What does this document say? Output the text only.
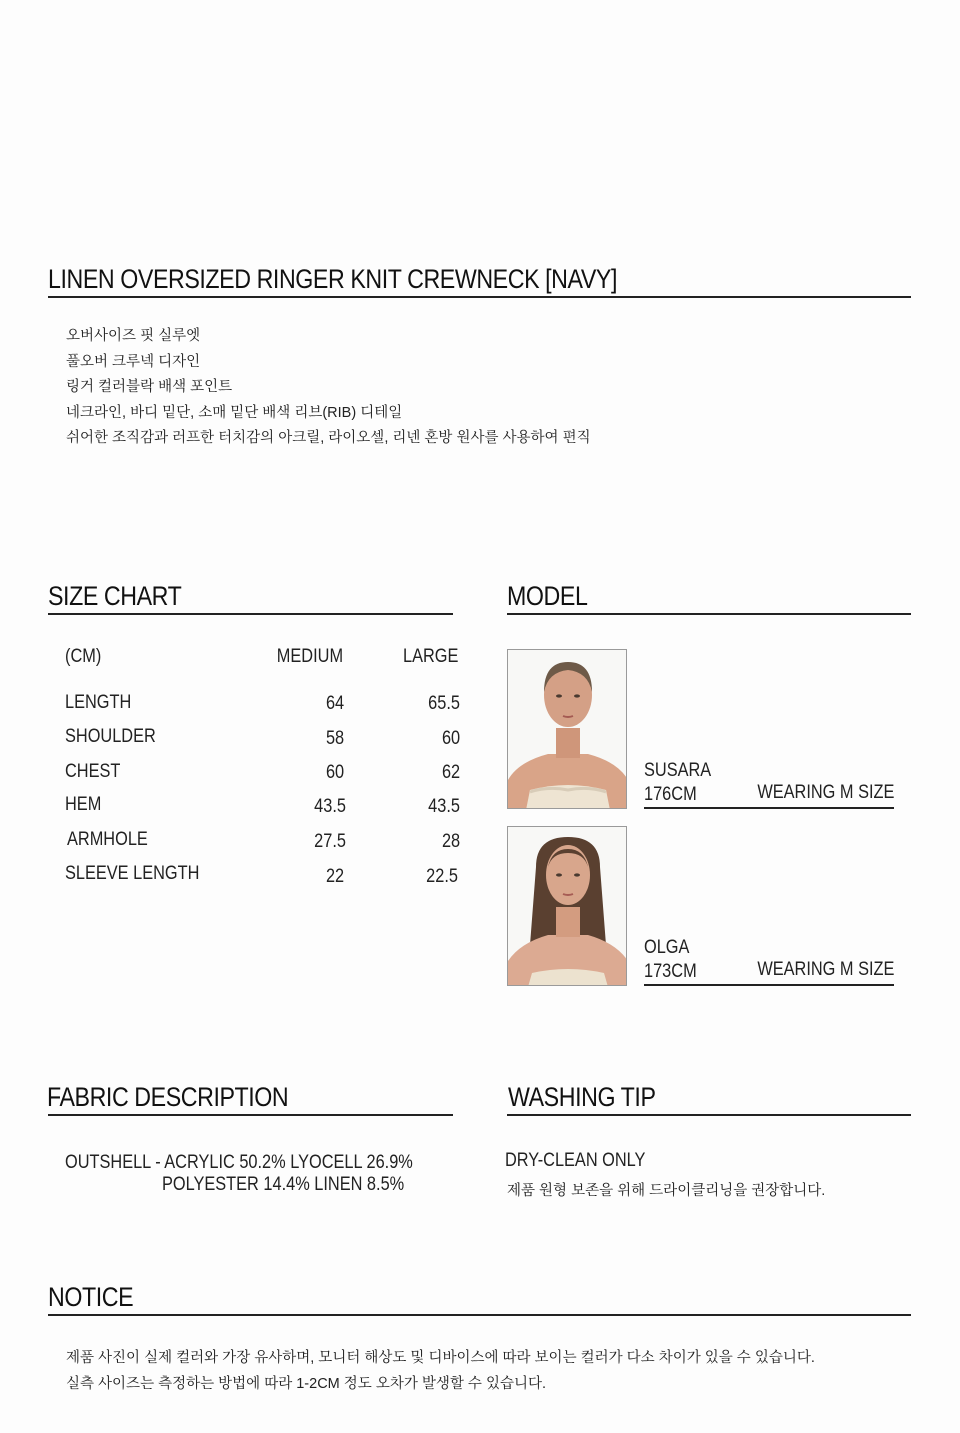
LINEN OVERSIZED RINGER KNIT CREWNECK [NAVY]
오버사이즈 핏 실루엣
풀오버 크루넥 디자인
링거 컬러블락 배색 포인트
네크라인, 바디 밑단, 소매 밑단 배색 리브(RIB) 디테일
쉬어한 조직감과 러프한 터치감의 아크릴, 라이오셀, 리넨 혼방 원사를 사용하여 편직
SIZE CHART
(CM)	MEDIUM	LARGE
LENGTH	64	65.5
SHOULDER	58	60
CHEST	60	62
HEM	43.5	43.5
ARMHOLE	27.5	28
SLEEVE LENGTH	22	22.5
MODEL
SUSARA
176CM	WEARING M SIZE
OLGA
173CM	WEARING M SIZE
FABRIC DESCRIPTION
OUTSHELL - ACRYLIC 50.2% LYOCELL 26.9%
POLYESTER 14.4% LINEN 8.5%
WASHING TIP
DRY-CLEAN ONLY
제품 원형 보존을 위해 드라이클리닝을 권장합니다.
NOTICE
제품 사진이 실제 컬러와 가장 유사하며, 모니터 해상도 및 디바이스에 따라 보이는 컬러가 다소 차이가 있을 수 있습니다.
실측 사이즈는 측정하는 방법에 따라 1-2CM 정도 오차가 발생할 수 있습니다.
